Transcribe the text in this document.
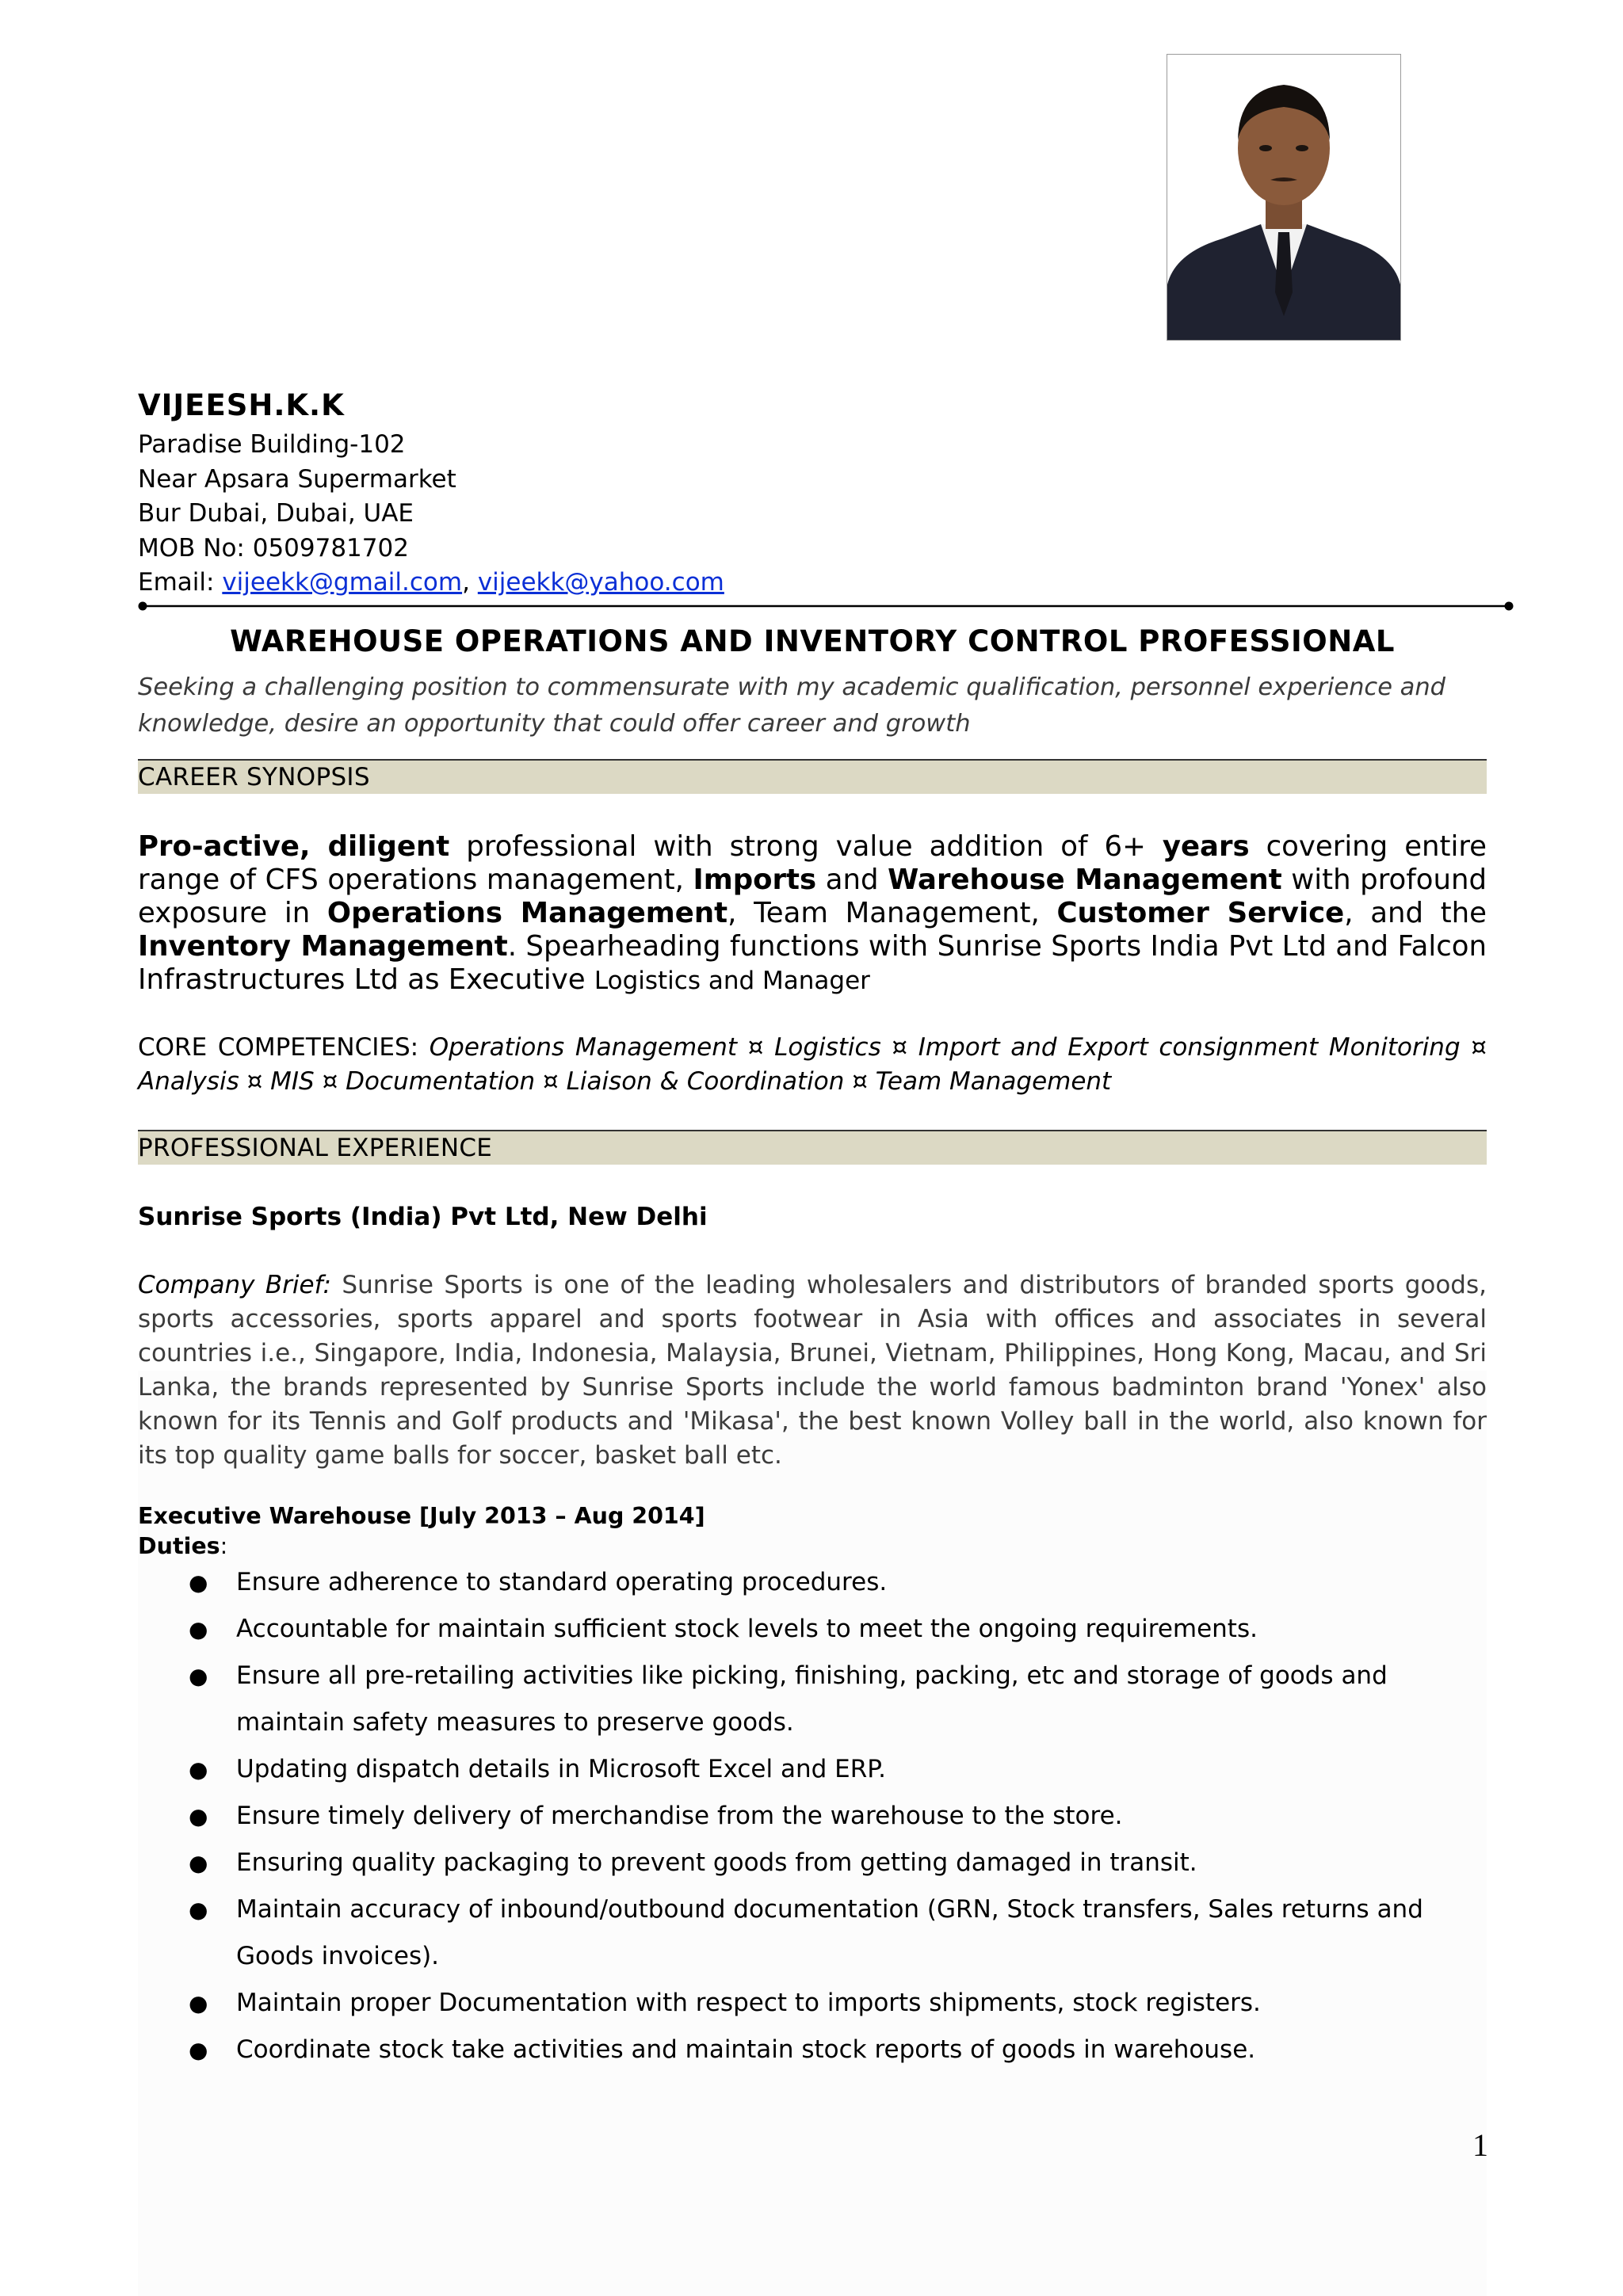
VIJEESH.K.K
Paradise Building-102
Near Apsara Supermarket
Bur Dubai, Dubai, UAE
MOB No: 0509781702
Email: vijeekk@gmail.com, vijeekk@yahoo.com
WAREHOUSE OPERATIONS AND INVENTORY CONTROL PROFESSIONAL
Seeking a challenging position to commensurate with my academic qualification, personnel experience and knowledge, desire an opportunity that could offer career and growth
CAREER SYNOPSIS
Pro-active, diligent professional with strong value addition of 6+ years covering entire range of CFS operations management, Imports and Warehouse Management with profound exposure in Operations Management, Team Management, Customer Service, and the Inventory Management. Spearheading functions with Sunrise Sports India Pvt Ltd and Falcon Infrastructures Ltd as Executive Logistics and Manager
CORE COMPETENCIES: Operations Management ¤ Logistics ¤ Import and Export consignment Monitoring ¤ Analysis ¤ MIS ¤ Documentation ¤ Liaison & Coordination ¤ Team Management
PROFESSIONAL EXPERIENCE
Sunrise Sports (India) Pvt Ltd, New Delhi
Company Brief: Sunrise Sports is one of the leading wholesalers and distributors of branded sports goods, sports accessories, sports apparel and sports footwear in Asia with offices and associates in several countries i.e., Singapore, India, Indonesia, Malaysia, Brunei, Vietnam, Philippines, Hong Kong, Macau, and Sri Lanka, the brands represented by Sunrise Sports include the world famous badminton brand 'Yonex' also known for its Tennis and Golf products and 'Mikasa', the best known Volley ball in the world, also known for its top quality game balls for soccer, basket ball etc.
Executive Warehouse [July 2013 – Aug 2014]
Duties:
● Ensure adherence to standard operating procedures.
● Accountable for maintain sufficient stock levels to meet the ongoing requirements.
● Ensure all pre-retailing activities like picking, finishing, packing, etc and storage of goods and maintain safety measures to preserve goods.
● Updating dispatch details in Microsoft Excel and ERP.
● Ensure timely delivery of merchandise from the warehouse to the store.
● Ensuring quality packaging to prevent goods from getting damaged in transit.
● Maintain accuracy of inbound/outbound documentation (GRN, Stock transfers, Sales returns and Goods invoices).
● Maintain proper Documentation with respect to imports shipments, stock registers.
● Coordinate stock take activities and maintain stock reports of goods in warehouse.
1
